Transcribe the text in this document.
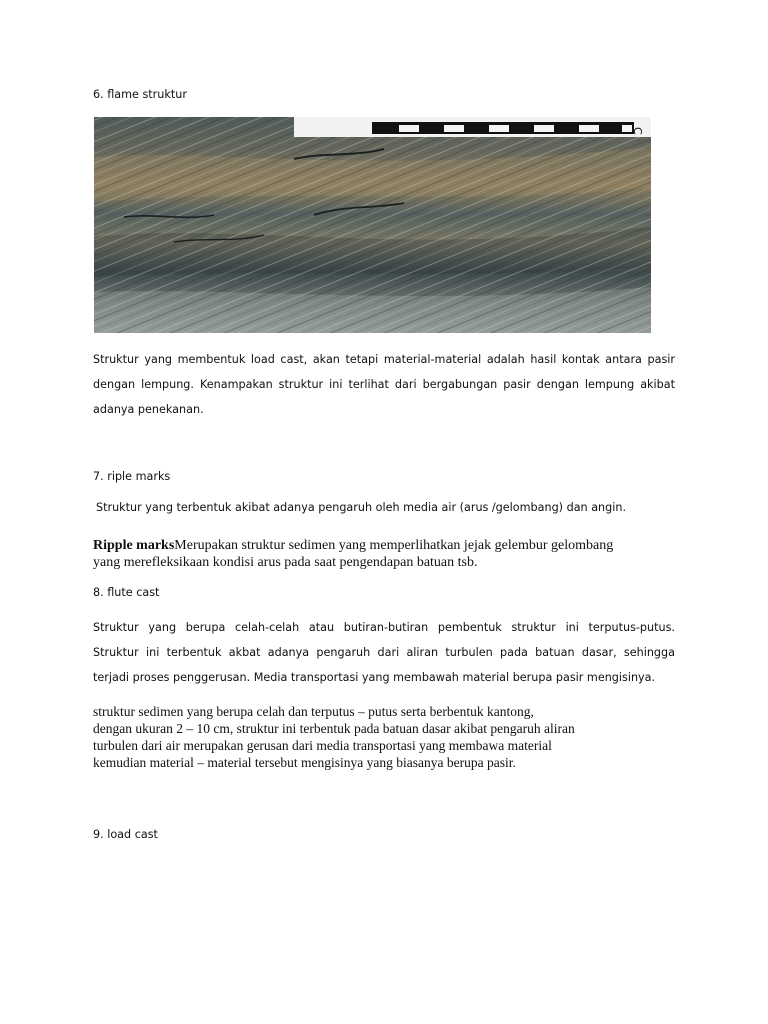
6. flame struktur
C
Struktur yang membentuk load cast, akan tetapi material-material adalah hasil kontak antara pasir
dengan lempung. Kenampakan struktur ini terlihat dari bergabungan pasir dengan lempung akibat
adanya penekanan.
7. riple marks
Struktur yang terbentuk akibat adanya pengaruh oleh media air (arus /gelombang) dan angin.
Ripple marksMerupakan struktur sedimen yang memperlihatkan jejak gelembur gelombang
yang merefleksikaan kondisi arus pada saat pengendapan batuan tsb.
8. flute cast
Struktur yang berupa celah-celah atau butiran-butiran pembentuk struktur ini terputus-putus.
Struktur ini terbentuk akbat adanya pengaruh dari aliran turbulen pada batuan dasar, sehingga
terjadi proses penggerusan. Media transportasi yang membawah material berupa pasir mengisinya.
struktur sedimen yang berupa celah dan terputus – putus serta berbentuk kantong,
dengan ukuran 2 – 10 cm, struktur ini terbentuk pada batuan dasar akibat pengaruh aliran
turbulen dari air merupakan gerusan dari media transportasi yang membawa material
kemudian material – material tersebut mengisinya yang biasanya berupa pasir.
9. load cast
